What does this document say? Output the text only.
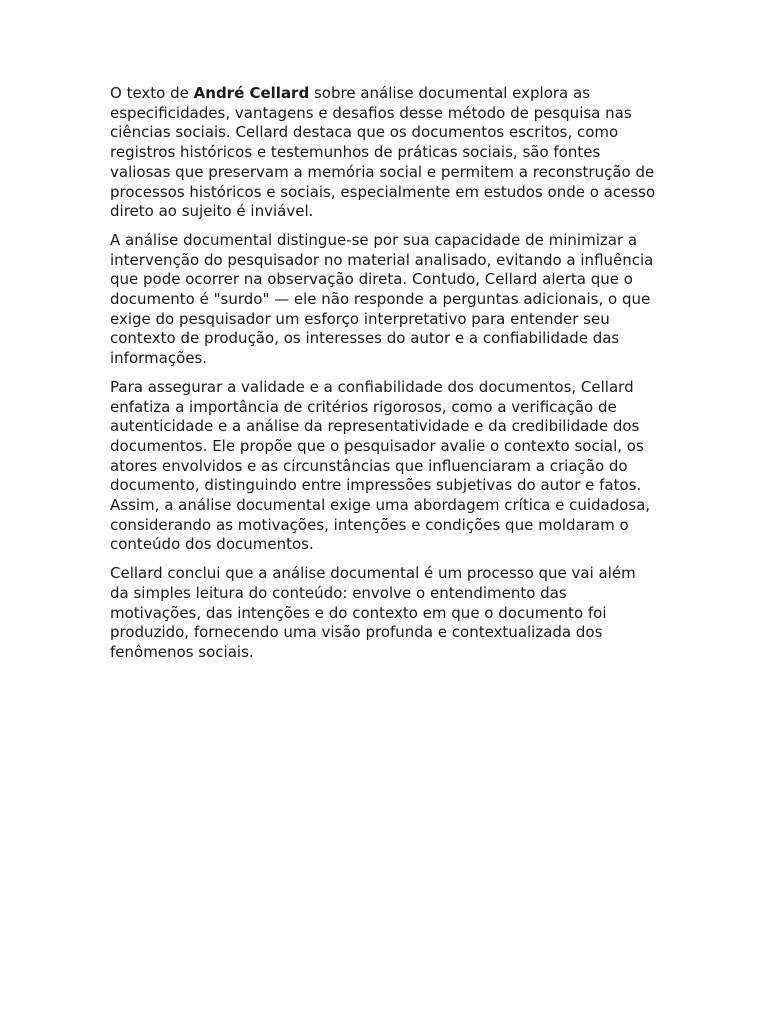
O texto de André Cellard sobre análise documental explora as especificidades, vantagens e desafios desse método de pesquisa nas ciências sociais. Cellard destaca que os documentos escritos, como registros históricos e testemunhos de práticas sociais, são fontes valiosas que preservam a memória social e permitem a reconstrução de processos históricos e sociais, especialmente em estudos onde o acesso direto ao sujeito é inviável.

A análise documental distingue-se por sua capacidade de minimizar a intervenção do pesquisador no material analisado, evitando a influência que pode ocorrer na observação direta. Contudo, Cellard alerta que o documento é "surdo" — ele não responde a perguntas adicionais, o que exige do pesquisador um esforço interpretativo para entender seu contexto de produção, os interesses do autor e a confiabilidade das informações.

Para assegurar a validade e a confiabilidade dos documentos, Cellard enfatiza a importância de critérios rigorosos, como a verificação de autenticidade e a análise da representatividade e da credibilidade dos documentos. Ele propõe que o pesquisador avalie o contexto social, os atores envolvidos e as circunstâncias que influenciaram a criação do documento, distinguindo entre impressões subjetivas do autor e fatos. Assim, a análise documental exige uma abordagem crítica e cuidadosa, considerando as motivações, intenções e condições que moldaram o conteúdo dos documentos.

Cellard conclui que a análise documental é um processo que vai além da simples leitura do conteúdo: envolve o entendimento das motivações, das intenções e do contexto em que o documento foi produzido, fornecendo uma visão profunda e contextualizada dos fenômenos sociais.
